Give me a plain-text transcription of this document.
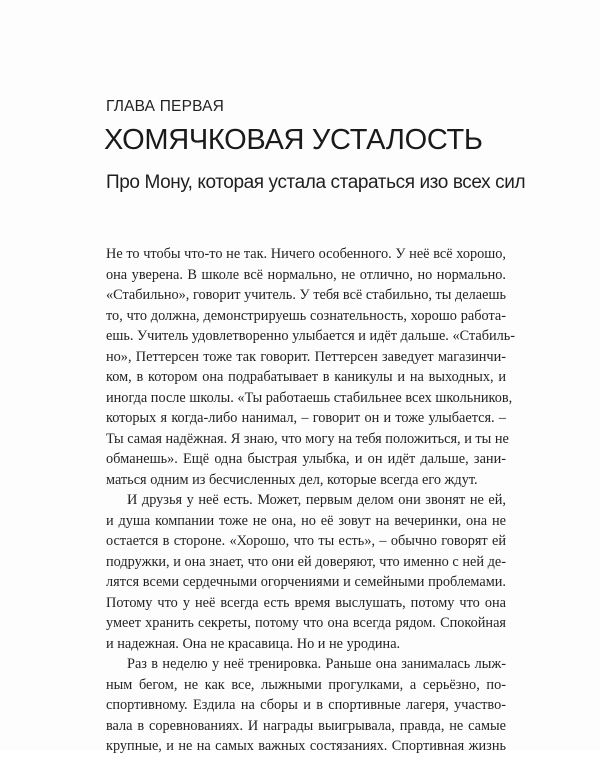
ГЛАВА ПЕРВАЯ
ХОМЯЧКОВАЯ УСТАЛОСТЬ
Про Мону, которая устала стараться изо всех сил
Не то чтобы что-то не так. Ничего особенного. У неё всё хорошо,
она уверена. В школе всё нормально, не отлично, но нормально.
«Стабильно», говорит учитель. У тебя всё стабильно, ты делаешь
то, что должна, демонстрируешь сознательность, хорошо работа-
ешь. Учитель удовлетворенно улыбается и идёт дальше. «Стабиль-
но», Петтерсен тоже так говорит. Петтерсен заведует магазинчи-
ком, в котором она подрабатывает в каникулы и на выходных, и
иногда после школы. «Ты работаешь стабильнее всех школьников,
которых я когда-либо нанимал, – говорит он и тоже улыбается. –
Ты самая надёжная. Я знаю, что могу на тебя положиться, и ты не
обманешь». Ещё одна быстрая улыбка, и он идёт дальше, зани-
маться одним из бесчисленных дел, которые всегда его ждут.
И друзья у неё есть. Может, первым делом они звонят не ей,
и душа компании тоже не она, но её зовут на вечеринки, она не
остается в стороне. «Хорошо, что ты есть», – обычно говорят ей
подружки, и она знает, что они ей доверяют, что именно с ней де-
лятся всеми сердечными огорчениями и семейными проблемами.
Потому что у неё всегда есть время выслушать, потому что она
умеет хранить секреты, потому что она всегда рядом. Спокойная
и надежная. Она не красавица. Но и не уродина.
Раз в неделю у неё тренировка. Раньше она занималась лыж-
ным бегом, не как все, лыжными прогулками, а серьёзно, по-
спортивному. Ездила на сборы и в спортивные лагеря, участво-
вала в соревнованиях. И награды выигрывала, правда, не самые
крупные, и не на самых важных состязаниях. Спортивная жизнь
